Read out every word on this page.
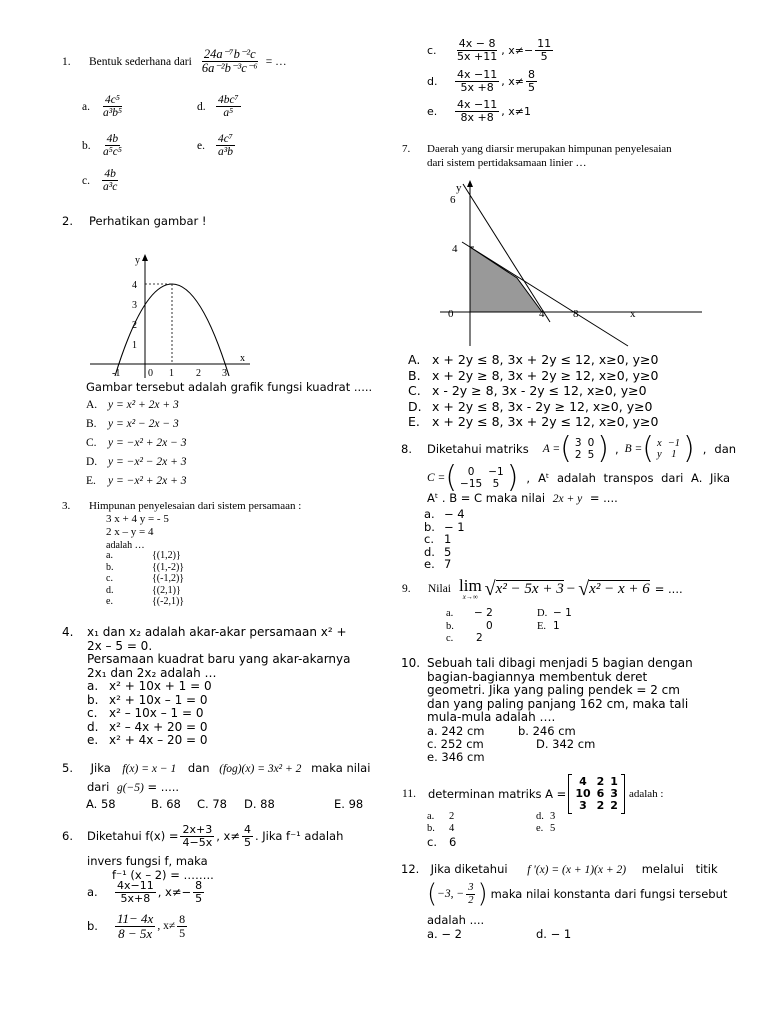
1.	Bentuk sederhana dari $\frac{\text{24a⁻⁷b⁻²c}}{\text{6a⁻²b⁻³c⁻⁶}}$ = …
a. $\frac{\text{4c⁵}}{\text{a³b⁵}}$	d. $\frac{\text{4bc⁷}}{\text{a⁵}}$
b. $\frac{4b}{\text{a⁵c⁵}}$	e. $\frac{\text{4c⁷}}{\text{a³b}}$
c. $\frac{4b}{\text{a³c}}$
2. Perhatikan gambar !
y
x
4
3
2
1
-1	0 1 2 3
Gambar tersebut adalah grafik fungsi kuadrat .....
A. y = x² + 2x + 3
B. y = x² − 2x − 3
C. y = −x² + 2x − 3
D. y = −x² − 2x + 3
E.	y = −x² + 2x + 3
3. Himpunan penyelesaian dari sistem persamaan :
3 x + 4 y = - 5
2 x – y = 4
adalah …
a.	{(1,2)}
b.	{(1,-2)}
c.	{(-1,2)}
d.	{(2,1)}
e.	{(-2,1)}
4. x₁ dan x₂ adalah akar-akar persamaan x² +
2x – 5 = 0.
Persamaan kuadrat baru yang akar-akarnya
2x₁ dan 2x₂ adalah …
a. x² + 10x + 1 = 0
b. x² + 10x – 1 = 0
c. x² – 10x – 1 = 0
d. x² – 4x + 20 = 0
e. x² + 4x – 20 = 0
5. Jika f(x) = x − 1 dan (fog)(x) = 3x² + 2 maka nilai
dari g(−5) = .....
A. 58	B. 68 C. 78 D. 88	E. 98
6.	Diketahui $f(x) = \frac{2x+3}{4-5x}$ , $x\ne \frac{4}{5}$ . Jika f⁻¹ adalah
invers fungsi f, maka
f⁻¹ (x – 2) = ……..
a.	$\frac{4x-11}{5x+8}$ , $x\ne- \frac{8}{5}$
b.	$\frac{11- 4x}{8 - 5x}$ , $x\ne \frac{8}{5}$
c.	$\frac{4x - 8}{5x +11}$ , $x\ne- \frac{11}{5}$
d.	$\frac{4x -11}{5x +8}$ , $x\ne \frac{8}{5}$
e.	$\frac{4x -11}{8x +8}$ , x≠1
7. Daerah yang diarsir merupakan himpunan penyelesaian
dari sistem pertidaksamaan linier …
y
6
4
0	4	8	x
A. x + 2y ≤ 8, 3x + 2y ≤ 12, x≥0, y≥0
B. x + 2y ≥ 8, 3x + 2y ≥ 12, x≥0, y≥0
C. x - 2y ≥ 8, 3x - 2y ≤ 12, x≥0, y≥0
D. x + 2y ≤ 8, 3x - 2y ≥ 12, x≥0, y≥0
E. x + 2y ≤ 8, 3x + 2y ≤ 12, x≥0, y≥0
8.	Diketahui matriks A = ( 3	0
2	5 ) , B = ( x	−1
y	1 ) , dan
C = ( 0	−1
−15	5 ) , Aᵗ adalah transpos dari A. Jika
Aᵗ . B = C maka nilai 2x + y = ....
a. − 4
b. − 1
c. 1
d. 5
e. 7
9.	Nilai lim
x→∞ √ x² − 5x + 3 − √ x² − x + 6 = ....
a. − 2	D. − 1
b.	0	E. 1
c. 2
10. Sebuah tali dibagi menjadi 5 bagian dengan
bagian-bagiannya membentuk deret
geometri. Jika yang paling pendek = 2 cm
dan yang paling panjang 162 cm, maka tali
mula-mula adalah ….
a. 242 cm	b. 246 cm
c. 252 cm	D. 342 cm
e. 346 cm
11.	determinan matriks A =
4	2	1
10	6	3
3	2	2
adalah :
a. 2	d. 3
b. 4	e. 5
c. 6
12. Jika diketahui f '(x) = (x + 1)(x + 2) melalui titik
( −3, − $\frac{3}{2}$ ) maka nilai konstanta dari fungsi tersebut
adalah ....
a. − 2	d. − 1
